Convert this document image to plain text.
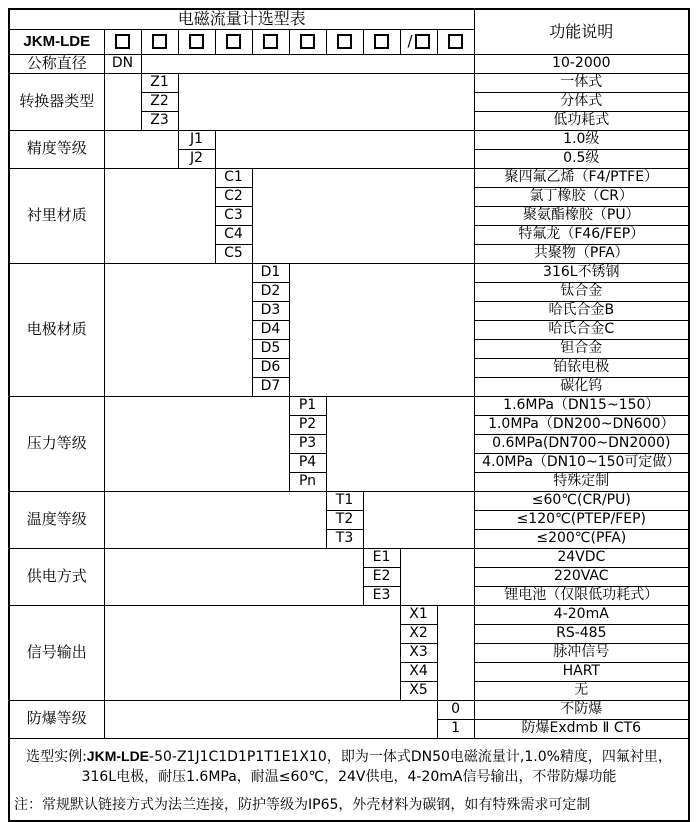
电磁流量计选型表											功能说明
JKM-LDE									/		
公称直径	DN										10-2000
转换器类型		Z1									一体式
		Z2									分体式
		Z3									低功耗式
精度等级			J1								1.0级
			J2								0.5级
衬里材质				C1							聚四氟乙烯（F4/PTFE）
				C2							氯丁橡胶（CR）
				C3							聚氨酯橡胶（PU）
				C4							特氟龙（F46/FEP）
				C5							共聚物（PFA）
电极材质					D1						316L不锈钢
					D2						钛合金
					D3						哈氏合金B
					D4						哈氏合金C
					D5						钽合金
					D6						铂铱电极
					D7						碳化钨
压力等级						P1					1.6MPa（DN15~150）
						P2					1.0MPa（DN200~DN600）
						P3					0.6MPa(DN700~DN2000)
						P4					4.0MPa（DN10~150可定做）
						Pn					特殊定制
温度等级							T1				≤60℃(CR/PU)
							T2				≤120℃(PTEP/FEP)
							T3				≤200℃(PFA)
供电方式								E1			24VDC
								E2			220VAC
								E3			锂电池（仅限低功耗式）
信号输出									X1		4-20mA
									X2		RS-485
									X3		脉冲信号
									X4		HART
									X5		无
防爆等级										0	不防爆
										1	防爆Exdmb Ⅱ CT6

选型实例:JKM-LDE-50-Z1J1C1D1P1T1E1X10，即为一体式DN50电磁流量计,1.0%精度，四氟衬里，316L电极，耐压1.6MPa，耐温≤60℃，24V供电，4-20mA信号输出，不带防爆功能

注：常规默认链接方式为法兰连接，防护等级为IP65，外壳材料为碳钢，如有特殊需求可定制											
